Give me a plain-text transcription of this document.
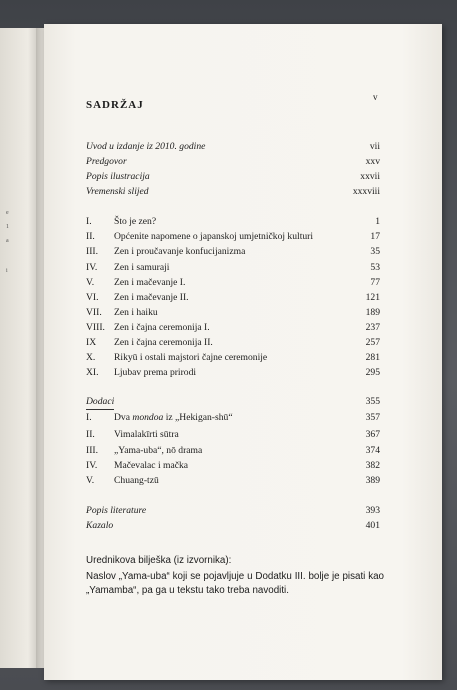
e
1
a
i
v
SADRŽAJ
Uvod u izdanje iz 2010. godine	vii
Predgovor	xxv
Popis ilustracija	xxvii
Vremenski slijed	xxxviii
I. Što je zen?	1
II. Općenite napomene o japanskoj umjetničkoj kulturi	17
III. Zen i proučavanje konfucijanizma	35
IV. Zen i samuraji	53
V. Zen i mačevanje I.	77
VI. Zen i mačevanje II.	121
VII. Zen i haiku	189
VIII. Zen i čajna ceremonija I.	237
IX Zen i čajna ceremonija II.	257
X. Rikyū i ostali majstori čajne ceremonije	281
XI. Ljubav prema prirodi	295
Dodaci	355
I. Dva mondoa iz „Hekigan-shū“	357
II. Vimalakīrti sūtra	367
III. „Yama-uba“, nō drama	374
IV. Mačevalac i mačka	382
V. Chuang-tzū	389
Popis literature	393
Kazalo	401
Urednikova bilješka (iz izvornika):
Naslov „Yama-uba“ koji se pojavljuje u Dodatku III. bolje je pisati kao „Yamamba“, pa ga u tekstu tako treba navoditi.
